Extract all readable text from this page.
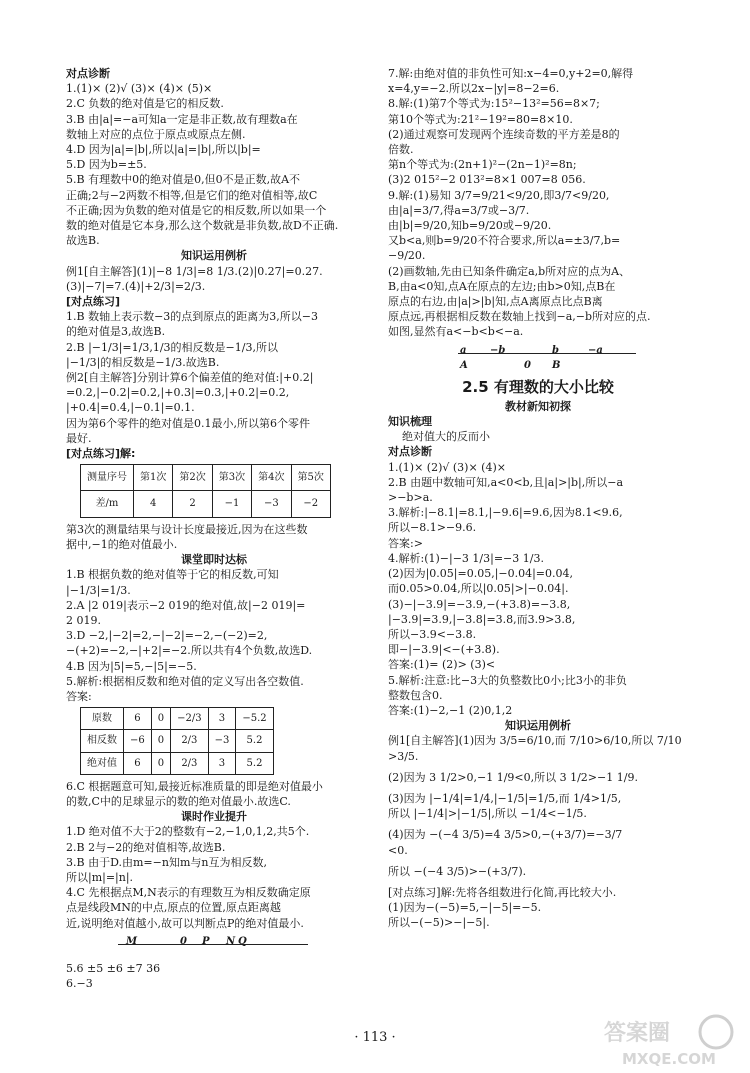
对点诊断
1.(1)× (2)√ (3)× (4)× (5)×
2.C 负数的绝对值是它的相反数.
3.B 由|a|=−a可知a一定是非正数,故有理数a在
数轴上对应的点位于原点或原点左侧.
4.D 因为|a|=|b|,所以|a|=|b|,所以|b|=
5.D 因为b=±5.
5.B 有理数中0的绝对值是0,但0不是正数,故A不
正确;2与−2两数不相等,但是它们的绝对值相等,故C
不正确;因为负数的绝对值是它的相反数,所以如果一个
数的绝对值是它本身,那么这个数就是非负数,故D不正确.
故选B.
知识运用例析
例1[自主解答](1)|−8 1/3|=8 1/3.(2)|0.27|=0.27.
(3)|−7|=7.(4)|+2/3|=2/3.
[对点练习]
1.B 数轴上表示数−3的点到原点的距离为3,所以−3
的绝对值是3,故选B.
2.B |−1/3|=1/3,1/3的相反数是−1/3,所以
|−1/3|的相反数是−1/3.故选B.
例2[自主解答]分别计算6个偏差值的绝对值:|+0.2|
=0.2,|−0.2|=0.2,|+0.3|=0.3,|+0.2|=0.2,
|+0.4|=0.4,|−0.1|=0.1.
因为第6个零件的绝对值是0.1最小,所以第6个零件
最好.
[对点练习]解:
测量序号	第1次	第2次	第3次	第4次	第5次
差/m	4	2	−1	−3	−2
第3次的测量结果与设计长度最接近,因为在这些数
据中,−1的绝对值最小.
课堂即时达标
1.B 根据负数的绝对值等于它的相反数,可知
|−1/3|=1/3.
2.A |2 019|表示−2 019的绝对值,故|−2 019|=
2 019.
3.D −2,|−2|=2,−|−2|=−2,−(−2)=2,
−(+2)=−2,−|+2|=−2.所以共有4个负数,故选D.
4.B 因为|5|=5,−|5|=−5.
5.解析:根据相反数和绝对值的定义写出各空数值.
答案:
原数	6	0	−2/3	3	−5.2
相反数	−6	0	2/3	−3	5.2
绝对值	6	0	2/3	3	5.2
6.C 根据题意可知,最接近标准质量的即是绝对值最小
的数,C中的足球显示的数的绝对值最小.故选C.
课时作业提升
1.D 绝对值不大于2的整数有−2,−1,0,1,2,共5个.
2.B 2与−2的绝对值相等,故选B.
3.B 由于D.由m=−n知m与n互为相反数,
所以|m|=|n|.
4.C 先根据点M,N表示的有理数互为相反数确定原
点是线段MN的中点,原点的位置,原点距离越
近,说明绝对值越小,故可以判断点P的绝对值最小.
M	0 P N Q
5.6 ±5 ±6 ±7 36
6.−3
7.解:由绝对值的非负性可知:x−4=0,y+2=0,解得
x=4,y=−2.所以2x−|y|=8−2=6.
8.解:(1)第7个等式为:15²−13²=56=8×7;
第10个等式为:21²−19²=80=8×10.
(2)通过观察可发现两个连续奇数的平方差是8的
倍数.
第n个等式为:(2n+1)²−(2n−1)²=8n;
(3)2 015²−2 013²=8×1 007=8 056.
9.解:(1)易知 3/7=9/21<9/20,即3/7<9/20,
由|a|=3/7,得a=3/7或−3/7.
由|b|=9/20,知b=9/20或−9/20.
又b<a,则b=9/20不符合要求,所以a=±3/7,b=
−9/20.
(2)画数轴,先由已知条件确定a,b所对应的点为A、
B,由a<0知,点A在原点的左边;由b>0知,点B在
原点的右边,由|a|>|b|知,点A离原点比点B离
原点远,再根据相反数在数轴上找到−a,−b所对应的点.
如图,显然有a<−b<b<−a.
a −b	b	−a
A	0 B
2.5 有理数的大小比较
教材新知初探
知识梳理
绝对值大的反而小
对点诊断
1.(1)× (2)√ (3)× (4)×
2.B 由题中数轴可知,a<0<b,且|a|>|b|,所以−a
>−b>a.
3.解析:|−8.1|=8.1,|−9.6|=9.6,因为8.1<9.6,
所以−8.1>−9.6.
答案:>
4.解析:(1)−|−3 1/3|=−3 1/3.
(2)因为|0.05|=0.05,|−0.04|=0.04,
而0.05>0.04,所以|0.05|>|−0.04|.
(3)−|−3.9|=−3.9,−(+3.8)=−3.8,
|−3.9|=3.9,|−3.8|=3.8,而3.9>3.8,
所以−3.9<−3.8.
即−|−3.9|<−(+3.8).
答案:(1)= (2)> (3)<
5.解析:注意:比−3大的负整数比0小;比3小的非负
整数包含0.
答案:(1)−2,−1 (2)0,1,2
知识运用例析
例1[自主解答](1)因为 3/5=6/10,而 7/10>6/10,所以 7/10
>3/5.
(2)因为 3 1/2>0,−1 1/9<0,所以 3 1/2>−1 1/9.
(3)因为 |−1/4|=1/4,|−1/5|=1/5,而 1/4>1/5,
所以 |−1/4|>|−1/5|,所以 −1/4<−1/5.
(4)因为 −(−4 3/5)=4 3/5>0,−(+3/7)=−3/7
<0.
所以 −(−4 3/5)>−(+3/7).
[对点练习]解:先将各组数进行化简,再比较大小.
(1)因为−(−5)=5,−|−5|=−5.
所以−(−5)>−|−5|.
· 113 ·	答案圈
MXQE.COM
